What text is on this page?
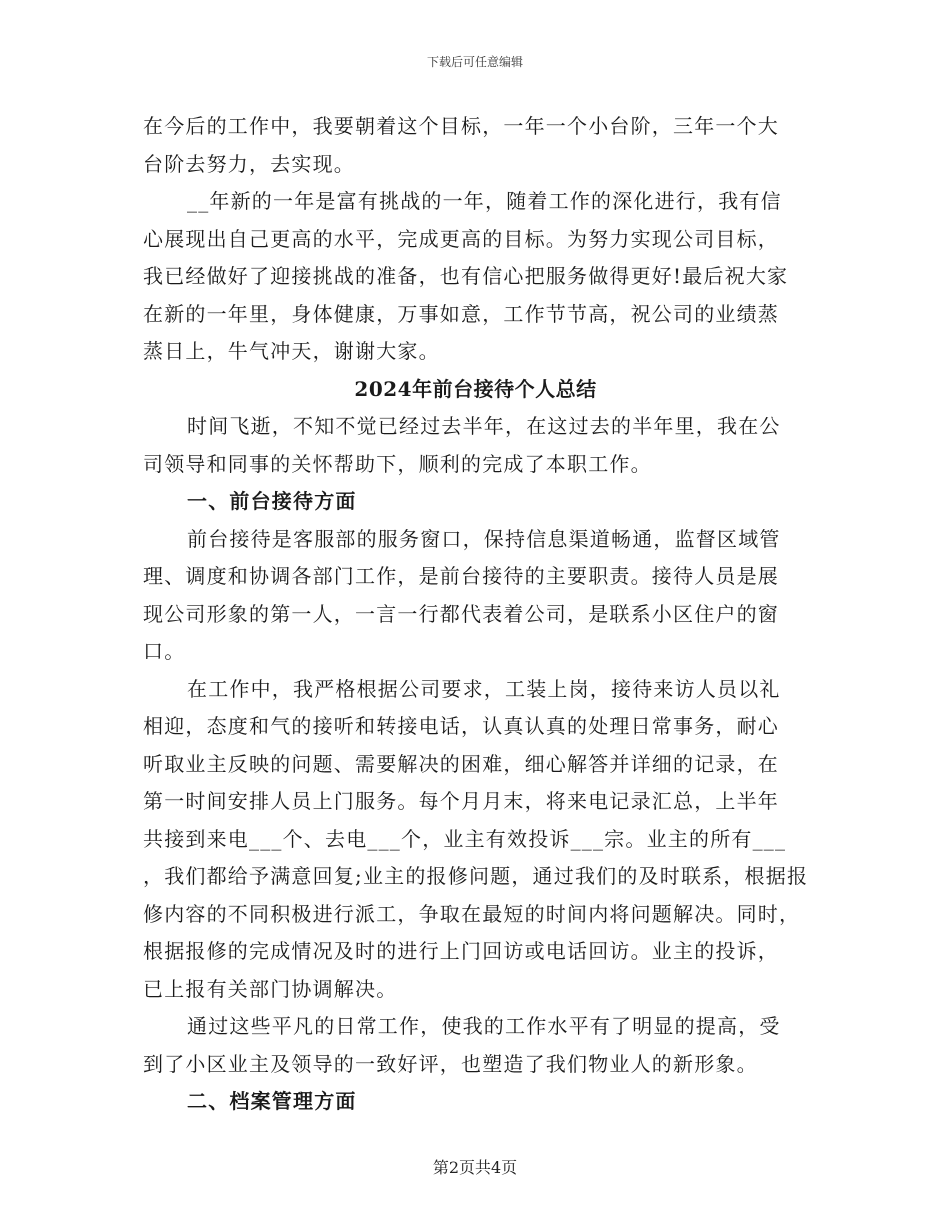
下载后可任意编辑
在今后的工作中，我要朝着这个目标，一年一个小台阶，三年一个大
台阶去努力，去实现。
__年新的一年是富有挑战的一年，随着工作的深化进行，我有信
心展现出自己更高的水平，完成更高的目标。为努力实现公司目标，
我已经做好了迎接挑战的准备，也有信心把服务做得更好!最后祝大家
在新的一年里，身体健康，万事如意，工作节节高，祝公司的业绩蒸
蒸日上，牛气冲天，谢谢大家。
2024年前台接待个人总结
时间飞逝，不知不觉已经过去半年，在这过去的半年里，我在公
司领导和同事的关怀帮助下，顺利的完成了本职工作。
一、前台接待方面
前台接待是客服部的服务窗口，保持信息渠道畅通，监督区域管
理、调度和协调各部门工作，是前台接待的主要职责。接待人员是展
现公司形象的第一人，一言一行都代表着公司，是联系小区住户的窗
口。
在工作中，我严格根据公司要求，工装上岗，接待来访人员以礼
相迎，态度和气的接听和转接电话，认真认真的处理日常事务，耐心
听取业主反映的问题、需要解决的困难，细心解答并详细的记录，在
第一时间安排人员上门服务。每个月月末，将来电记录汇总，上半年
共接到来电___个、去电___个，业主有效投诉___宗。业主的所有___
，我们都给予满意回复;业主的报修问题，通过我们的及时联系，根据报
修内容的不同积极进行派工，争取在最短的时间内将问题解决。同时，
根据报修的完成情况及时的进行上门回访或电话回访。业主的投诉，
已上报有关部门协调解决。
通过这些平凡的日常工作，使我的工作水平有了明显的提高，受
到了小区业主及领导的一致好评，也塑造了我们物业人的新形象。
二、档案管理方面
第2页共4页
